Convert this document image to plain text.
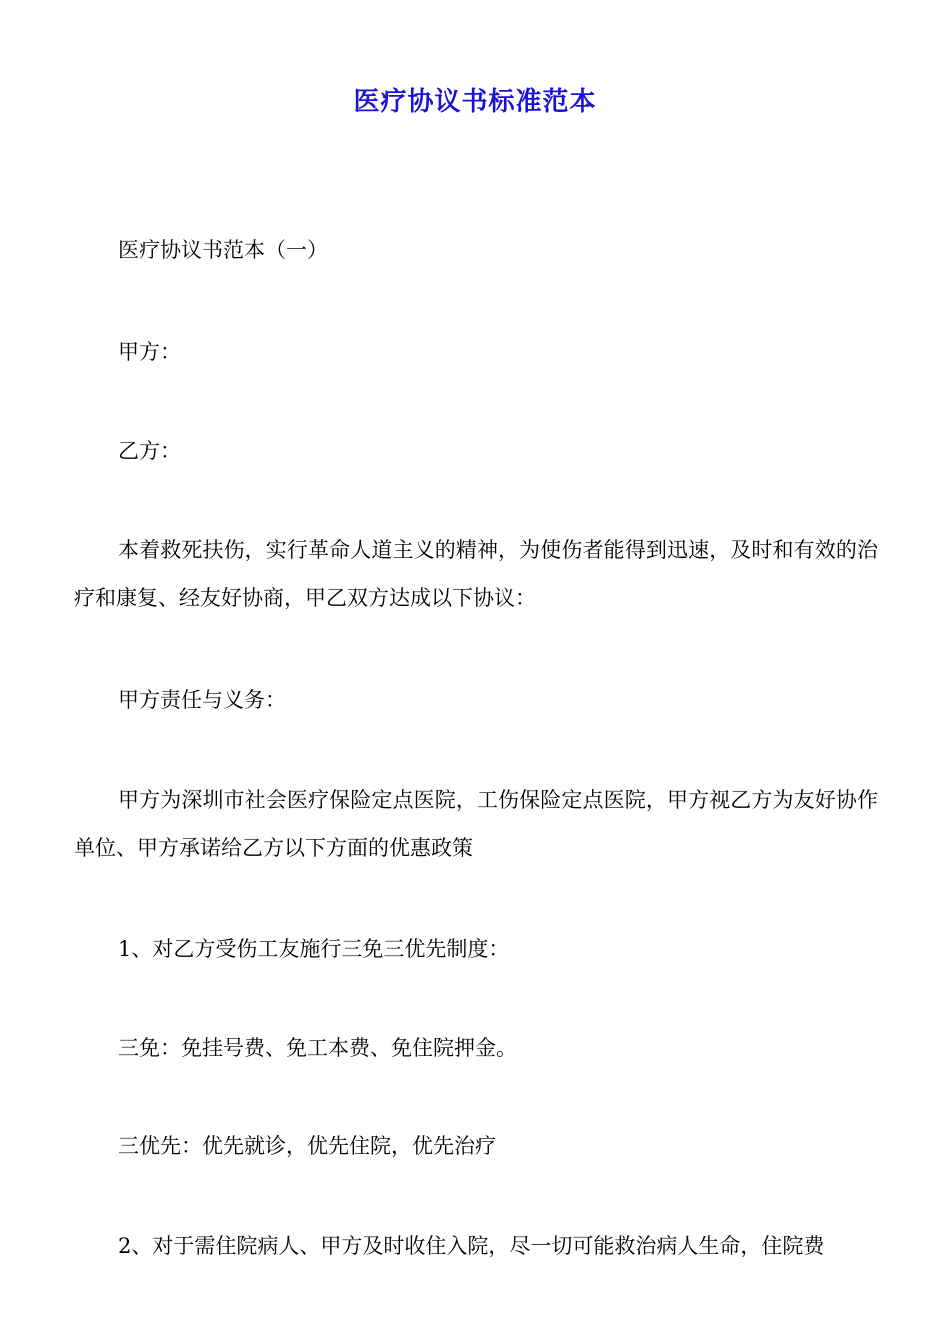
医疗协议书标准范本

医疗协议书范本（一）

甲方：

乙方：

本着救死扶伤，实行革命人道主义的精神，为使伤者能得到迅速，及时和有效的治疗和康复、经友好协商，甲乙双方达成以下协议：

甲方责任与义务：

甲方为深圳市社会医疗保险定点医院，工伤保险定点医院，甲方视乙方为友好协作单位、甲方承诺给乙方以下方面的优惠政策

1、对乙方受伤工友施行三免三优先制度：

三免：免挂号费、免工本费、免住院押金。

三优先：优先就诊，优先住院，优先治疗

2、对于需住院病人、甲方及时收住入院，尽一切可能救治病人生命，住院费
